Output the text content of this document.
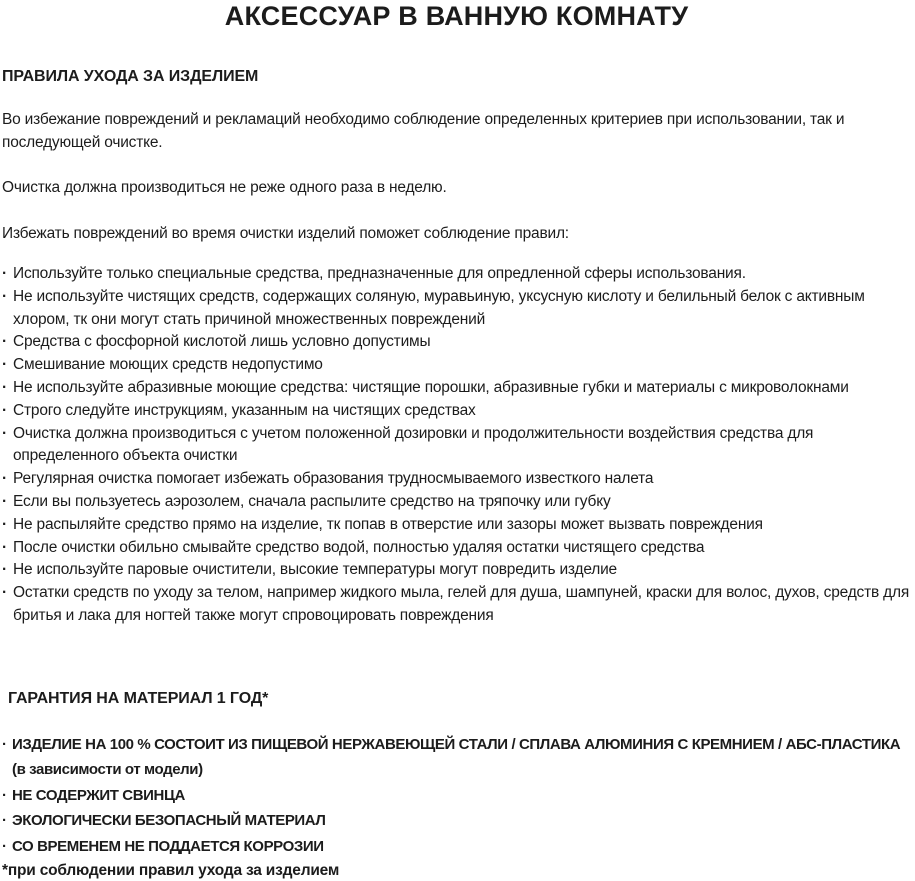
АКСЕССУАР В ВАННУЮ КОМНАТУ
ПРАВИЛА УХОДА ЗА ИЗДЕЛИЕМ

Во избежание повреждений и рекламаций необходимо соблюдение определенных критериев при использовании, так и последующей очистке.

Очистка должна производиться не реже одного раза в неделю.

Избежать повреждений во время очистки изделий поможет соблюдение правил:

· Используйте только специальные средства, предназначенные для опредленной сферы использования.
· Не используйте чистящих средств, содержащих соляную, муравьиную, уксусную кислоту и белильный белок с активным хлором, тк они могут стать причиной множественных повреждений
· Средства с фосфорной кислотой лишь условно допустимы
· Смешивание моющих средств недопустимо
· Не используйте абразивные моющие средства: чистящие порошки, абразивные губки и материалы с микроволокнами
· Строго следуйте инструкциям, указанным на чистящих средствах
· Очистка должна производиться с учетом положенной дозировки и продолжительности воздействия средства для определенного объекта очистки
· Регулярная очистка помогает избежать образования трудносмываемого известкого налета
· Если вы пользуетесь аэрозолем, сначала распылите средство на тряпочку или губку
· Не распыляйте средство прямо на изделие, тк попав в отверстие или зазоры может вызвать повреждения
· После очистки обильно смывайте средство водой, полностью удаляя остатки чистящего средства
· Не используйте паровые очистители, высокие температуры могут повредить изделие
· Остатки средств по уходу за телом, например жидкого мыла, гелей для душа, шампуней, краски для волос, духов, средств для бритья и лака для ногтей также могут спровоцировать повреждения
ГАРАНТИЯ НА МАТЕРИАЛ 1 ГОД*
· ИЗДЕЛИЕ НА 100 % СОСТОИТ ИЗ ПИЩЕВОЙ НЕРЖАВЕЮЩЕЙ СТАЛИ / СПЛАВА АЛЮМИНИЯ С КРЕМНИЕМ / АБС-ПЛАСТИКА (в зависимости от модели)
· НЕ СОДЕРЖИТ СВИНЦА
· ЭКОЛОГИЧЕСКИ БЕЗОПАСНЫЙ МАТЕРИАЛ
· СО ВРЕМЕНЕМ НЕ ПОДДАЕТСЯ КОРРОЗИИ

*при соблюдении правил ухода за изделием
